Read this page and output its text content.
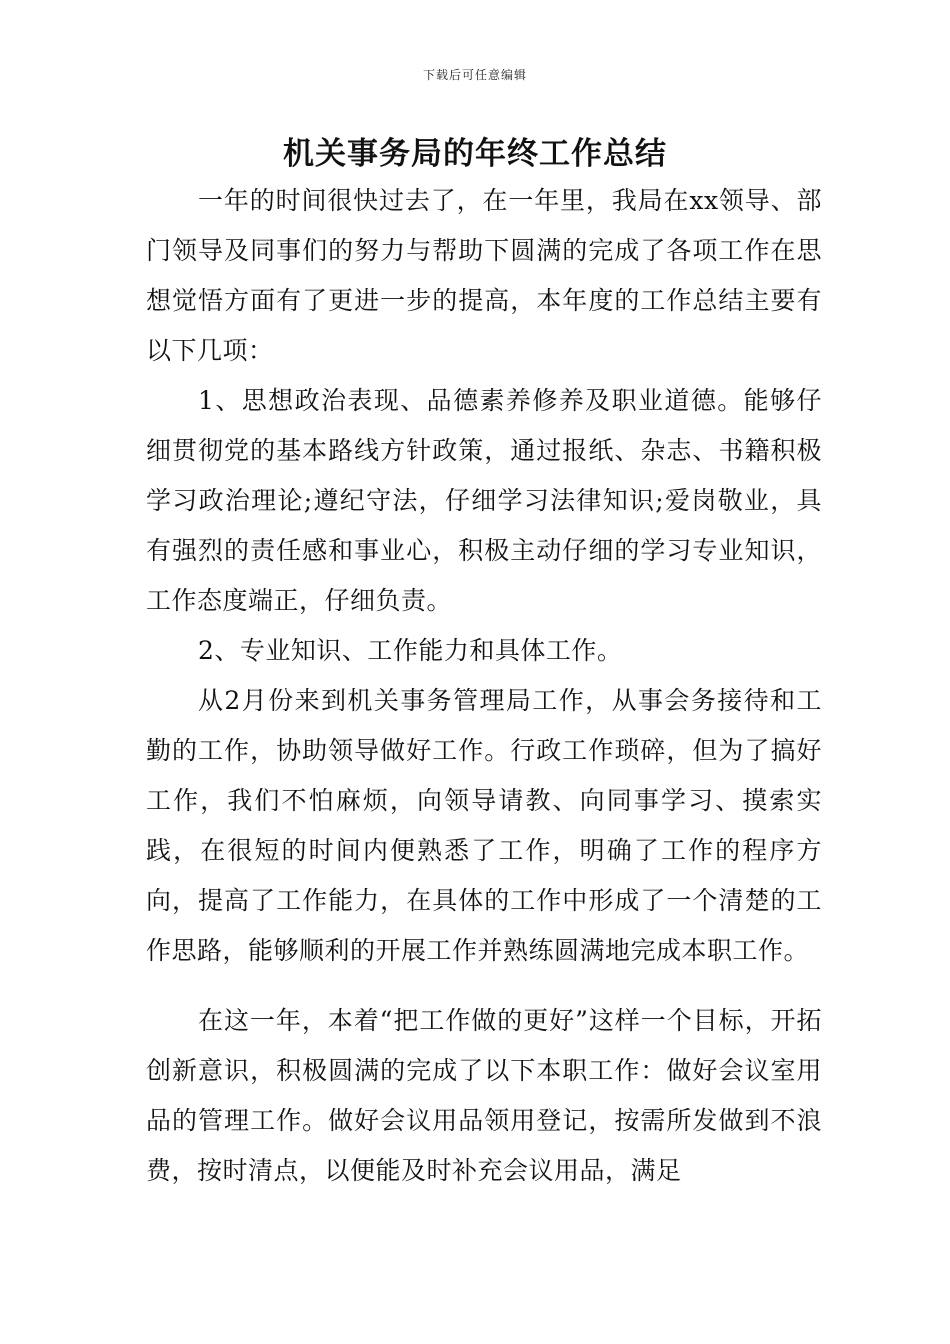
下载后可任意编辑
机关事务局的年终工作总结

一年的时间很快过去了，在一年里，我局在xx领导、部门领导及同事们的努力与帮助下圆满的完成了各项工作在思想觉悟方面有了更进一步的提高，本年度的工作总结主要有以下几项：

1、思想政治表现、品德素养修养及职业道德。能够仔细贯彻党的基本路线方针政策，通过报纸、杂志、书籍积极学习政治理论;遵纪守法，仔细学习法律知识;爱岗敬业，具有强烈的责任感和事业心，积极主动仔细的学习专业知识，工作态度端正，仔细负责。

2、专业知识、工作能力和具体工作。

从2月份来到机关事务管理局工作，从事会务接待和工勤的工作，协助领导做好工作。行政工作琐碎，但为了搞好工作，我们不怕麻烦，向领导请教、向同事学习、摸索实践，在很短的时间内便熟悉了工作，明确了工作的程序方向，提高了工作能力，在具体的工作中形成了一个清楚的工作思路，能够顺利的开展工作并熟练圆满地完成本职工作。

在这一年，本着“把工作做的更好”这样一个目标，开拓创新意识，积极圆满的完成了以下本职工作：做好会议室用品的管理工作。做好会议用品领用登记，按需所发做到不浪费，按时清点，以便能及时补充会议用品，满足
